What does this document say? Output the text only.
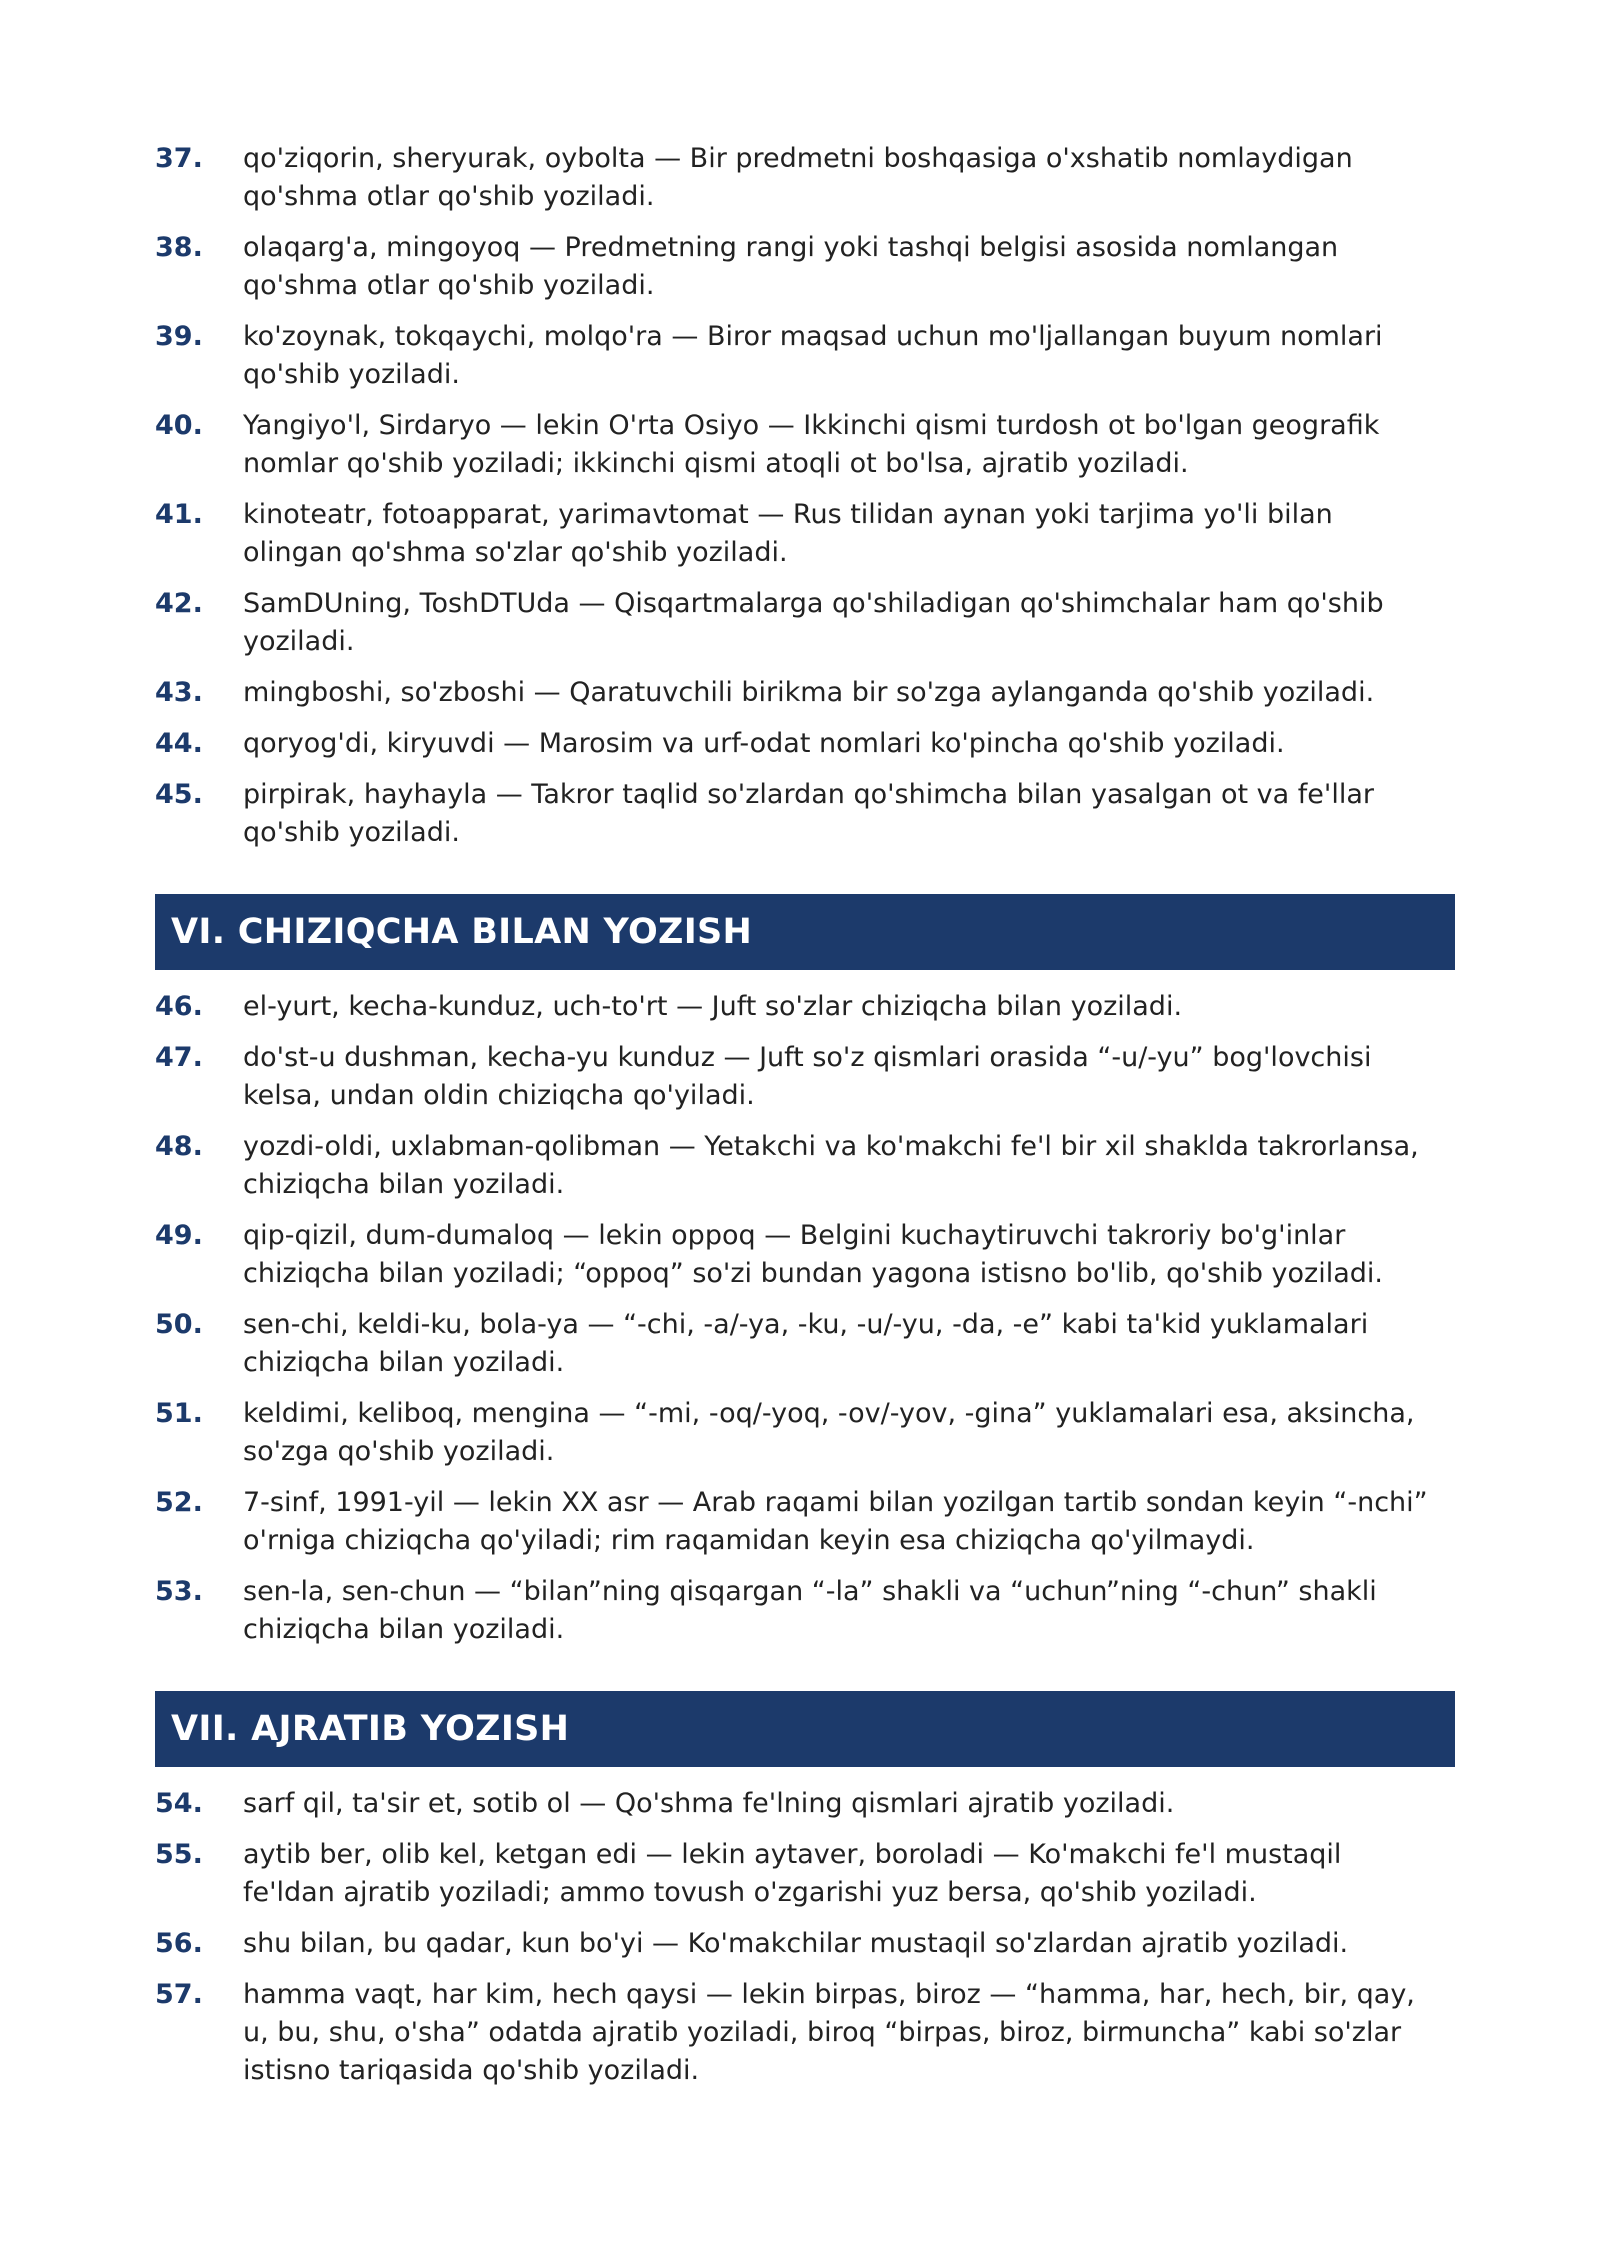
37.	qo'ziqorin, sheryurak, oybolta — Bir predmetni boshqasiga o'xshatib nomlaydigan qo'shma otlar qo'shib yoziladi.
38.	olaqarg'a, mingoyoq — Predmetning rangi yoki tashqi belgisi asosida nomlangan qo'shma otlar qo'shib yoziladi.
39.	ko'zoynak, tokqaychi, molqo'ra — Biror maqsad uchun mo'ljallangan buyum nomlari qo'shib yoziladi.
40.	Yangiyo'l, Sirdaryo — lekin O'rta Osiyo — Ikkinchi qismi turdosh ot bo'lgan geografik nomlar qo'shib yoziladi; ikkinchi qismi atoqli ot bo'lsa, ajratib yoziladi.
41.	kinoteatr, fotoapparat, yarimavtomat — Rus tilidan aynan yoki tarjima yo'li bilan olingan qo'shma so'zlar qo'shib yoziladi.
42.	SamDUning, ToshDTUda — Qisqartmalarga qo'shiladigan qo'shimchalar ham qo'shib yoziladi.
43.	mingboshi, so'zboshi — Qaratuvchili birikma bir so'zga aylanganda qo'shib yoziladi.
44.	qoryog'di, kiryuvdi — Marosim va urf-odat nomlari ko'pincha qo'shib yoziladi.
45.	pirpirak, hayhayla — Takror taqlid so'zlardan qo'shimcha bilan yasalgan ot va fe'llar qo'shib yoziladi.
VI. CHIZIQCHA BILAN YOZISH
46.	el-yurt, kecha-kunduz, uch-to'rt — Juft so'zlar chiziqcha bilan yoziladi.
47.	do'st-u dushman, kecha-yu kunduz — Juft so'z qismlari orasida “-u/-yu” bog'lovchisi kelsa, undan oldin chiziqcha qo'yiladi.
48.	yozdi-oldi, uxlabman-qolibman — Yetakchi va ko'makchi fe'l bir xil shaklda takrorlansa, chiziqcha bilan yoziladi.
49.	qip-qizil, dum-dumaloq — lekin oppoq — Belgini kuchaytiruvchi takroriy bo'g'inlar chiziqcha bilan yoziladi; “oppoq” so'zi bundan yagona istisno bo'lib, qo'shib yoziladi.
50.	sen-chi, keldi-ku, bola-ya — “-chi, -a/-ya, -ku, -u/-yu, -da, -e” kabi ta'kid yuklamalari chiziqcha bilan yoziladi.
51.	keldimi, keliboq, mengina — “-mi, -oq/-yoq, -ov/-yov, -gina” yuklamalari esa, aksincha, so'zga qo'shib yoziladi.
52.	7-sinf, 1991-yil — lekin XX asr — Arab raqami bilan yozilgan tartib sondan keyin “-nchi” o'rniga chiziqcha qo'yiladi; rim raqamidan keyin esa chiziqcha qo'yilmaydi.
53.	sen-la, sen-chun — “bilan”ning qisqargan “-la” shakli va “uchun”ning “-chun” shakli chiziqcha bilan yoziladi.
VII. AJRATIB YOZISH
54.	sarf qil, ta'sir et, sotib ol — Qo'shma fe'lning qismlari ajratib yoziladi.
55.	aytib ber, olib kel, ketgan edi — lekin aytaver, boroladi — Ko'makchi fe'l mustaqil fe'ldan ajratib yoziladi; ammo tovush o'zgarishi yuz bersa, qo'shib yoziladi.
56.	shu bilan, bu qadar, kun bo'yi — Ko'makchilar mustaqil so'zlardan ajratib yoziladi.
57.	hamma vaqt, har kim, hech qaysi — lekin birpas, biroz — “hamma, har, hech, bir, qay, u, bu, shu, o'sha” odatda ajratib yoziladi, biroq “birpas, biroz, birmuncha” kabi so'zlar istisno tariqasida qo'shib yoziladi.
